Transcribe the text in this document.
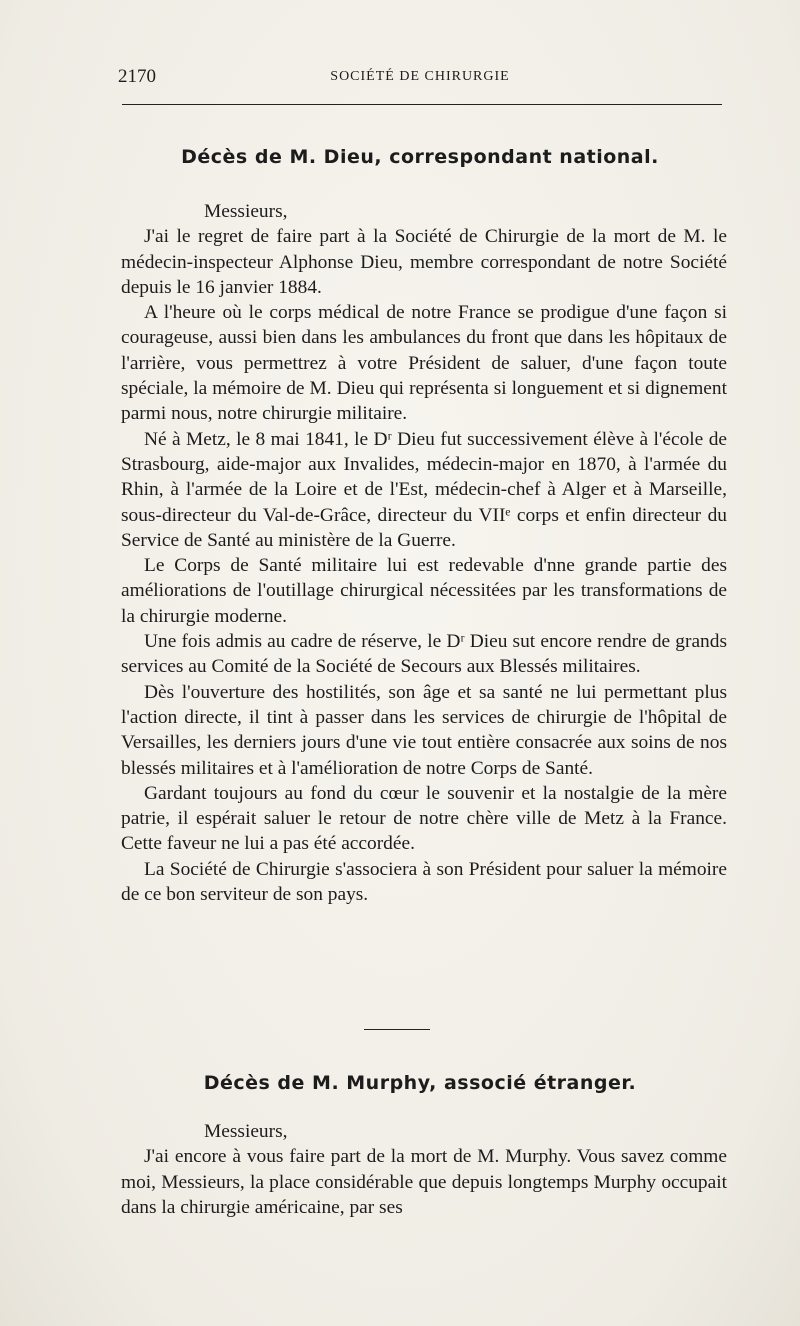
2170	SOCIÉTÉ DE CHIRURGIE
Décès de M. Dieu, correspondant national.

Messieurs,

J'ai le regret de faire part à la Société de Chirurgie de la mort de M. le médecin-inspecteur Alphonse Dieu, membre correspondant de notre Société depuis le 16 janvier 1884.

A l'heure où le corps médical de notre France se prodigue d'une façon si courageuse, aussi bien dans les ambulances du front que dans les hôpitaux de l'arrière, vous permettrez à votre Président de saluer, d'une façon toute spéciale, la mémoire de M. Dieu qui représenta si longuement et si dignement parmi nous, notre chirurgie militaire.

Né à Metz, le 8 mai 1841, le Dʳ Dieu fut successivement élève à l'école de Strasbourg, aide-major aux Invalides, médecin-major en 1870, à l'armée du Rhin, à l'armée de la Loire et de l'Est, médecin-chef à Alger et à Marseille, sous-directeur du Val-de-Grâce, directeur du VIIᵉ corps et enfin directeur du Service de Santé au ministère de la Guerre.

Le Corps de Santé militaire lui est redevable d'nne grande partie des améliorations de l'outillage chirurgical nécessitées par les transformations de la chirurgie moderne.

Une fois admis au cadre de réserve, le Dʳ Dieu sut encore rendre de grands services au Comité de la Société de Secours aux Blessés militaires.

Dès l'ouverture des hostilités, son âge et sa santé ne lui permettant plus l'action directe, il tint à passer dans les services de chirurgie de l'hôpital de Versailles, les derniers jours d'une vie tout entière consacrée aux soins de nos blessés militaires et à l'amélioration de notre Corps de Santé.

Gardant toujours au fond du cœur le souvenir et la nostalgie de la mère patrie, il espérait saluer le retour de notre chère ville de Metz à la France. Cette faveur ne lui a pas été accordée.

La Société de Chirurgie s'associera à son Président pour saluer la mémoire de ce bon serviteur de son pays.

Décès de M. Murphy, associé étranger.

Messieurs,

J'ai encore à vous faire part de la mort de M. Murphy. Vous savez comme moi, Messieurs, la place considérable que depuis longtemps Murphy occupait dans la chirurgie américaine, par ses
